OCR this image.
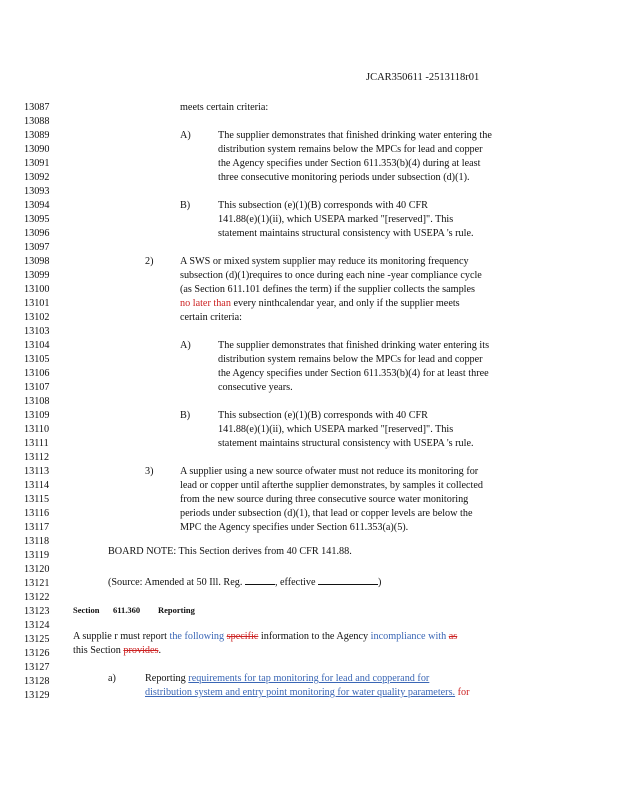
JCAR350611 -2513118r01
13087
13088
13089
13090
13091
13092
13093
13094
13095
13096
13097
13098
13099
13100
13101
13102
13103
13104
13105
13106
13107
13108
13109
13110
13111
13112
13113
13114
13115
13116
13117
13118
13119
13120
13121
13122
13123
13124
13125
13126
13127
13128
13129
meets certain criteria:
A)	The supplier demonstrates that finished drinking water entering the
distribution system remains below the MPCs for lead and copper
the Agency specifies under Section 611.353(b)(4) during at least
three consecutive monitoring periods under subsection (d)(1).
B)	This subsection (e)(1)(B) corresponds with 40 CFR
141.88(e)(1)(ii), which USEPA marked "[reserved]". This
statement maintains structural consistency with USEPA 's rule.
2)	A SWS or mixed system supplier may reduce its monitoring frequency
subsection (d)(1)requires to once during each nine -year compliance cycle
(as Section 611.101 defines the term) if the supplier collects the samples
no later than every ninthcalendar year, and only if the supplier meets
certain criteria:
A)	The supplier demonstrates that finished drinking water entering its
distribution system remains below the MPCs for lead and copper
the Agency specifies under Section 611.353(b)(4) for at least three
consecutive years.
B)	This subsection (e)(1)(B) corresponds with 40 CFR
141.88(e)(1)(ii), which USEPA marked "[reserved]". This
statement maintains structural consistency with USEPA 's rule.
3)	A supplier using a new source ofwater must not reduce its monitoring for
lead or copper until afterthe supplier demonstrates, by samples it collected
from the new source during three consecutive source water monitoring
periods under subsection (d)(1), that lead or copper levels are below the
MPC the Agency specifies under Section 611.353(a)(5).
BOARD NOTE: This Section derives from 40 CFR 141.88.
(Source: Amended at 50 Ill. Reg.	, effective	)
Section 611.360 Reporting
A supplie r must report the following specific information to the Agency incompliance with as
this Section provides.
a)	Reporting requirements for tap monitoring for lead and copperand for
distribution system and entry point monitoring for water quality parameters. for
